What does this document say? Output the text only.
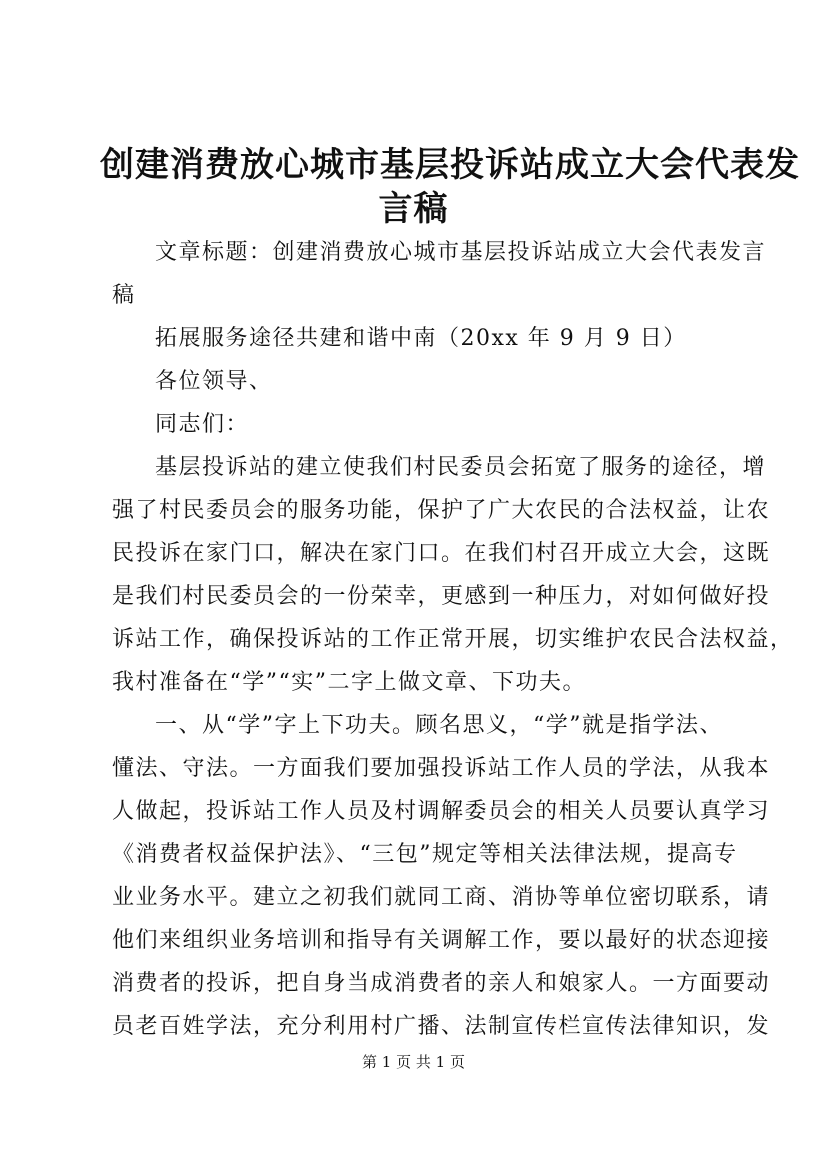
创建消费放心城市基层投诉站成立大会代表发
言稿
文章标题：创建消费放心城市基层投诉站成立大会代表发言
稿
拓展服务途径共建和谐中南（20xx 年 9 月 9 日）
各位领导、
同志们：
基层投诉站的建立使我们村民委员会拓宽了服务的途径，增
强了村民委员会的服务功能，保护了广大农民的合法权益，让农
民投诉在家门口，解决在家门口。在我们村召开成立大会，这既
是我们村民委员会的一份荣幸，更感到一种压力，对如何做好投
诉站工作，确保投诉站的工作正常开展，切实维护农民合法权益，
我村准备在“学”“实”二字上做文章、下功夫。
一、从“学”字上下功夫。顾名思义，“学”就是指学法、
懂法、守法。一方面我们要加强投诉站工作人员的学法，从我本
人做起，投诉站工作人员及村调解委员会的相关人员要认真学习
《消费者权益保护法》、“三包”规定等相关法律法规，提高专
业业务水平。建立之初我们就同工商、消协等单位密切联系，请
他们来组织业务培训和指导有关调解工作，要以最好的状态迎接
消费者的投诉，把自身当成消费者的亲人和娘家人。一方面要动
员老百姓学法，充分利用村广播、法制宣传栏宣传法律知识，发
第 1 页 共 1 页
